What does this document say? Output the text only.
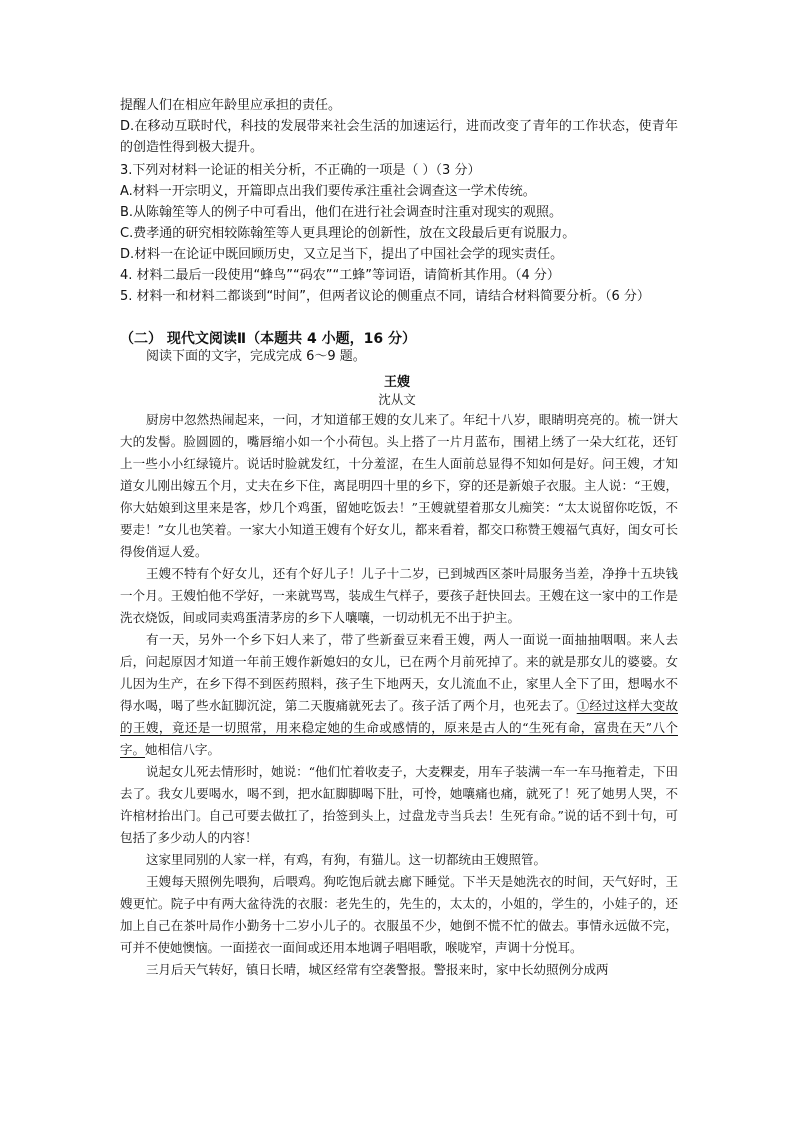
提醒人们在相应年龄里应承担的责任。
D.在移动互联时代，科技的发展带来社会生活的加速运行，进而改变了青年的工作状态，使青年的创造性得到极大提升。
3.下列对材料一论证的相关分析，不正确的一项是（ ）（3 分）
A.材料一开宗明义，开篇即点出我们要传承注重社会调查这一学术传统。
B.从陈翰笙等人的例子中可看出，他们在进行社会调查时注重对现实的观照。
C.费孝通的研究相较陈翰笙等人更具理论的创新性，放在文段最后更有说服力。
D.材料一在论证中既回顾历史，又立足当下，提出了中国社会学的现实责任。
4. 材料二最后一段使用“蜂鸟”“码农”“工蜂”等词语，请简析其作用。（4 分）
5. 材料一和材料二都谈到“时间”，但两者议论的侧重点不同，请结合材料简要分析。（6 分）
（二） 现代文阅读Ⅱ（本题共 4 小题，16 分）
阅读下面的文字，完成完成 6～9 题。
王嫂
沈从文
厨房中忽然热闹起来，一问，才知道郁王嫂的女儿来了。年纪十八岁，眼睛明亮亮的。梳一饼大大的发髻。脸圆圆的，嘴唇缩小如一个小荷包。头上搭了一片月蓝布，围裙上绣了一朵大红花，还钉上一些小小红绿镜片。说话时脸就发红，十分羞涩，在生人面前总显得不知如何是好。问王嫂，才知道女儿刚出嫁五个月，丈夫在乡下住，离昆明四十里的乡下，穿的还是新娘子衣服。主人说：“王嫂，你大姑娘到这里来是客，炒几个鸡蛋，留她吃饭去！”王嫂就望着那女儿痴笑：“太太说留你吃饭，不要走！”女儿也笑着。一家大小知道王嫂有个好女儿，都来看着，都交口称赞王嫂福气真好，闺女可长得俊俏逗人爱。
王嫂不特有个好女儿，还有个好儿子！儿子十二岁，已到城西区茶叶局服务当差，净挣十五块钱一个月。王嫂怕他不学好，一来就骂骂，装成生气样子，要孩子赶快回去。王嫂在这一家中的工作是洗衣烧饭，间或同卖鸡蛋清茅房的乡下人嚷嚷，一切动机无不出于护主。
有一天，另外一个乡下妇人来了，带了些新蚕豆来看王嫂，两人一面说一面抽抽咽咽。来人去后，问起原因才知道一年前王嫂作新媳妇的女儿，已在两个月前死掉了。来的就是那女儿的婆婆。女儿因为生产，在乡下得不到医药照料，孩子生下地两天，女儿流血不止，家里人全下了田，想喝水不得水喝，喝了些水缸脚沉淀，第二天腹痛就死去了。孩子活了两个月，也死去了。①经过这样大变故的王嫂，竟还是一切照常，用来稳定她的生命或感情的，原来是古人的“生死有命，富贵在天”八个字。她相信八字。
说起女儿死去情形时，她说：“他们忙着收麦子，大麦粿麦，用车子装满一车一车马拖着走，下田去了。我女儿要喝水，喝不到，把水缸脚脚喝下肚，可怜，她嚷痛也痛，就死了！死了她男人哭，不许棺材抬出门。自己可要去做扛了，抬签到头上，过盘龙寺当兵去！生死有命。”说的话不到十句，可包括了多少动人的内容！
这家里同别的人家一样，有鸡，有狗，有猫儿。这一切都统由王嫂照管。
王嫂每天照例先喂狗，后喂鸡。狗吃饱后就去廊下睡觉。下半天是她洗衣的时间，天气好时，王嫂更忙。院子中有两大盆待洗的衣服：老先生的，先生的，太太的，小姐的，学生的，小娃子的，还加上自己在茶叶局作小勤务十二岁小儿子的。衣服虽不少，她倒不慌不忙的做去。事情永远做不完，可并不使她懊恼。一面搓衣一面间或还用本地调子唱唱歌，喉咙窄，声调十分悦耳。
三月后天气转好，镇日长晴，城区经常有空袭警报。警报来时，家中长幼照例分成两
